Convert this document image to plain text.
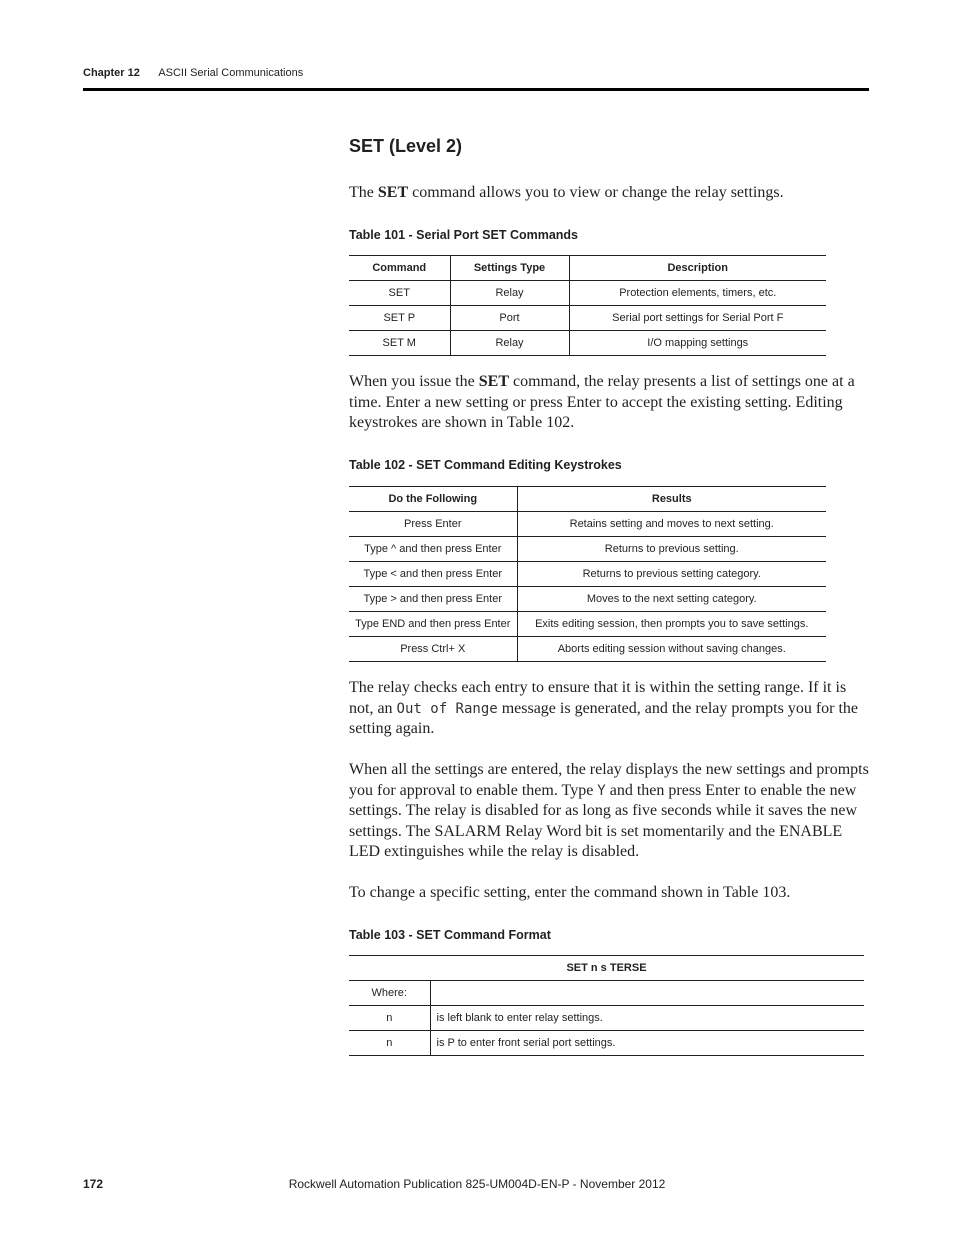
Chapter 12 ASCII Serial Communications
SET (Level 2)

The SET command allows you to view or change the relay settings.

Table 101 - Serial Port SET Commands

Command	Settings Type	Description
SET	Relay	Protection elements, timers, etc.
SET P	Port	Serial port settings for Serial Port F
SET M	Relay	I/O mapping settings

When you issue the SET command, the relay presents a list of settings one at a time. Enter a new setting or press Enter to accept the existing setting. Editing keystrokes are shown in Table 102.

Table 102 - SET Command Editing Keystrokes

Do the Following	Results
Press Enter	Retains setting and moves to next setting.
Type ^ and then press Enter	Returns to previous setting.
Type < and then press Enter	Returns to previous setting category.
Type > and then press Enter	Moves to the next setting category.
Type END and then press Enter	Exits editing session, then prompts you to save settings.
Press Ctrl+ X	Aborts editing session without saving changes.

The relay checks each entry to ensure that it is within the setting range. If it is not, an Out of Range message is generated, and the relay prompts you for the setting again.

When all the settings are entered, the relay displays the new settings and prompts you for approval to enable them. Type Y and then press Enter to enable the new settings. The relay is disabled for as long as five seconds while it saves the new settings. The SALARM Relay Word bit is set momentarily and the ENABLE LED extinguishes while the relay is disabled.

To change a specific setting, enter the command shown in Table 103.

Table 103 - SET Command Format

SET n s TERSE	
Where:	
n	is left blank to enter relay settings.
n	is P to enter front serial port settings.
172	Rockwell Automation Publication 825-UM004D-EN-P - November 2012
